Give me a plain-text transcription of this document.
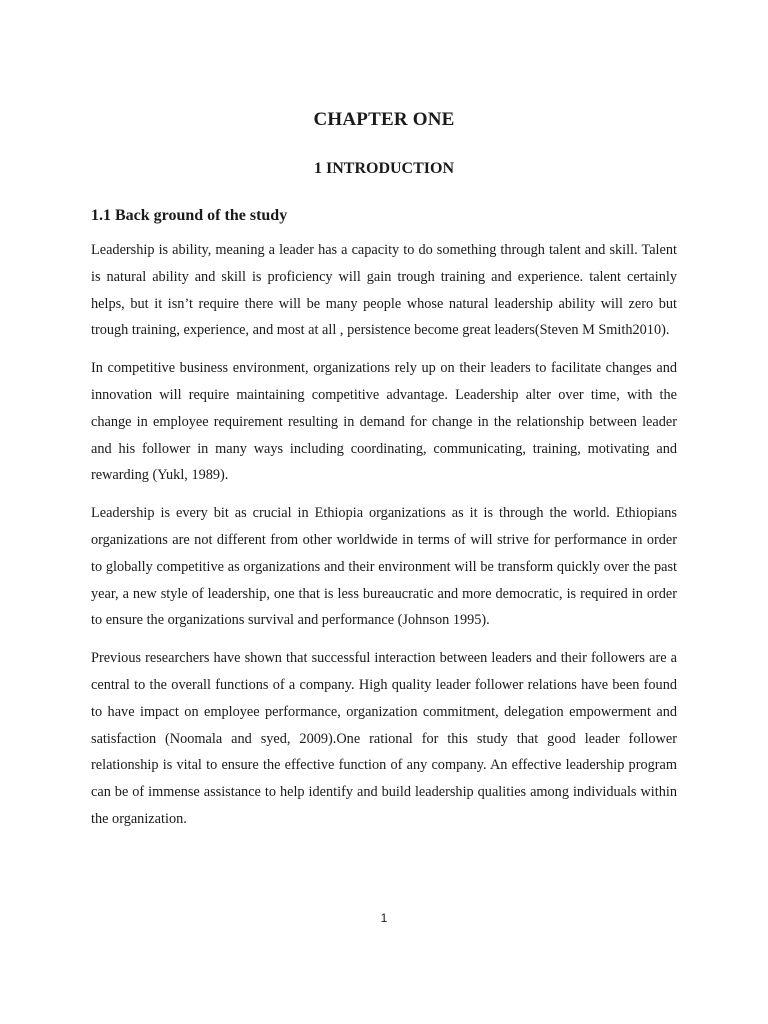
CHAPTER ONE
1 INTRODUCTION
1.1 Back ground of the study

Leadership is ability, meaning a leader has a capacity to do something through talent and skill. Talent is natural ability and skill is proficiency will gain trough training and experience. talent certainly helps, but it isn’t require there will be many people whose natural leadership ability will zero but trough training, experience, and most at all , persistence become great leaders(Steven M Smith2010).

In competitive business environment, organizations rely up on their leaders to facilitate changes and innovation will require maintaining competitive advantage. Leadership alter over time, with the change in employee requirement resulting in demand for change in the relationship between leader and his follower in many ways including coordinating, communicating, training, motivating and rewarding (Yukl, 1989).

Leadership is every bit as crucial in Ethiopia organizations as it is through the world. Ethiopians organizations are not different from other worldwide in terms of will strive for performance in order to globally competitive as organizations and their environment will be transform quickly over the past year, a new style of leadership, one that is less bureaucratic and more democratic, is required in order to ensure the organizations survival and performance (Johnson 1995).

Previous researchers have shown that successful interaction between leaders and their followers are a central to the overall functions of a company. High quality leader follower relations have been found to have impact on employee performance, organization commitment, delegation empowerment and satisfaction (Noomala and syed, 2009).One rational for this study that good leader follower relationship is vital to ensure the effective function of any company. An effective leadership program can be of immense assistance to help identify and build leadership qualities among individuals within the organization.

1
